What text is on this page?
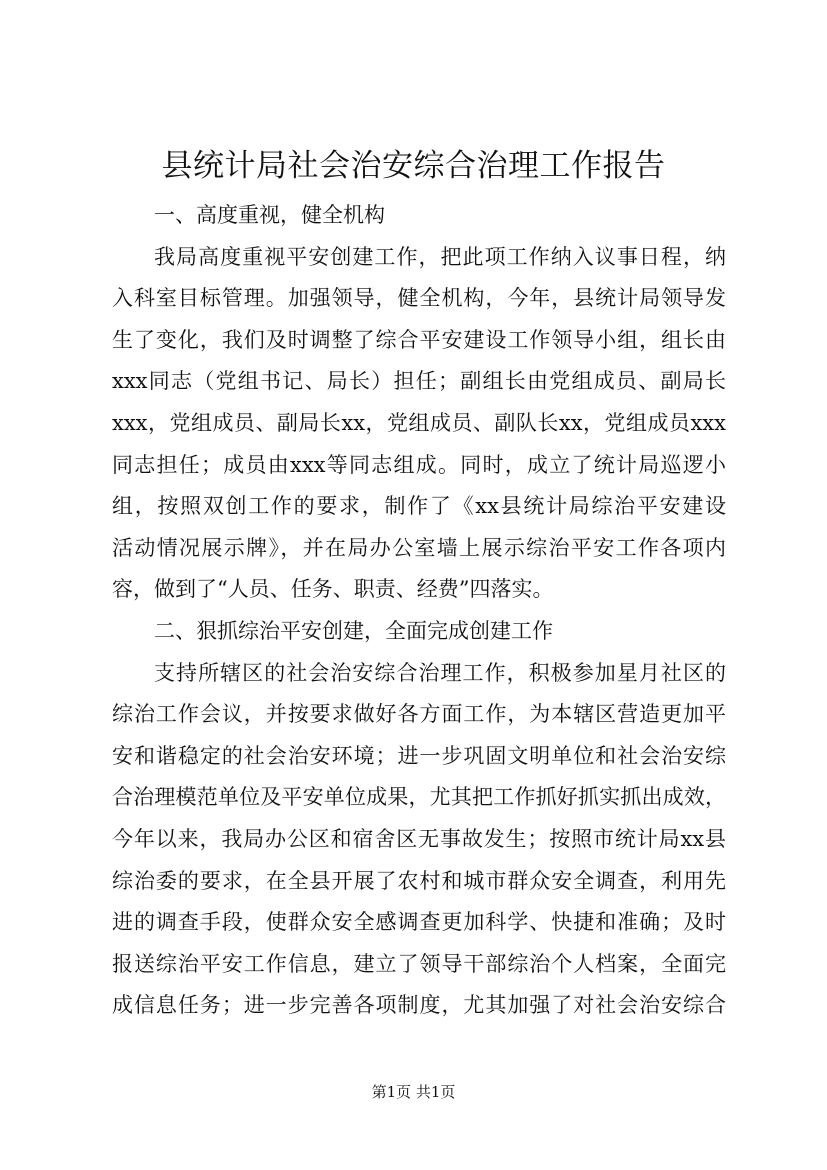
县统计局社会治安综合治理工作报告
一、高度重视，健全机构
我局高度重视平安创建工作，把此项工作纳入议事日程，纳
入科室目标管理。加强领导，健全机构，今年，县统计局领导发
生了变化，我们及时调整了综合平安建设工作领导小组，组长由
xxx同志（党组书记、局长）担任；副组长由党组成员、副局长
xxx，党组成员、副局长xx，党组成员、副队长xx，党组成员xxx
同志担任；成员由xxx等同志组成。同时，成立了统计局巡逻小
组，按照双创工作的要求，制作了《xx县统计局综治平安建设
活动情况展示牌》，并在局办公室墙上展示综治平安工作各项内
容，做到了“人员、任务、职责、经费”四落实。
二、狠抓综治平安创建，全面完成创建工作
支持所辖区的社会治安综合治理工作，积极参加星月社区的
综治工作会议，并按要求做好各方面工作，为本辖区营造更加平
安和谐稳定的社会治安环境；进一步巩固文明单位和社会治安综
合治理模范单位及平安单位成果，尤其把工作抓好抓实抓出成效，
今年以来，我局办公区和宿舍区无事故发生；按照市统计局xx县
综治委的要求，在全县开展了农村和城市群众安全调查，利用先
进的调查手段，使群众安全感调查更加科学、快捷和准确；及时
报送综治平安工作信息，建立了领导干部综治个人档案，全面完
成信息任务；进一步完善各项制度，尤其加强了对社会治安综合
第1页 共1页
